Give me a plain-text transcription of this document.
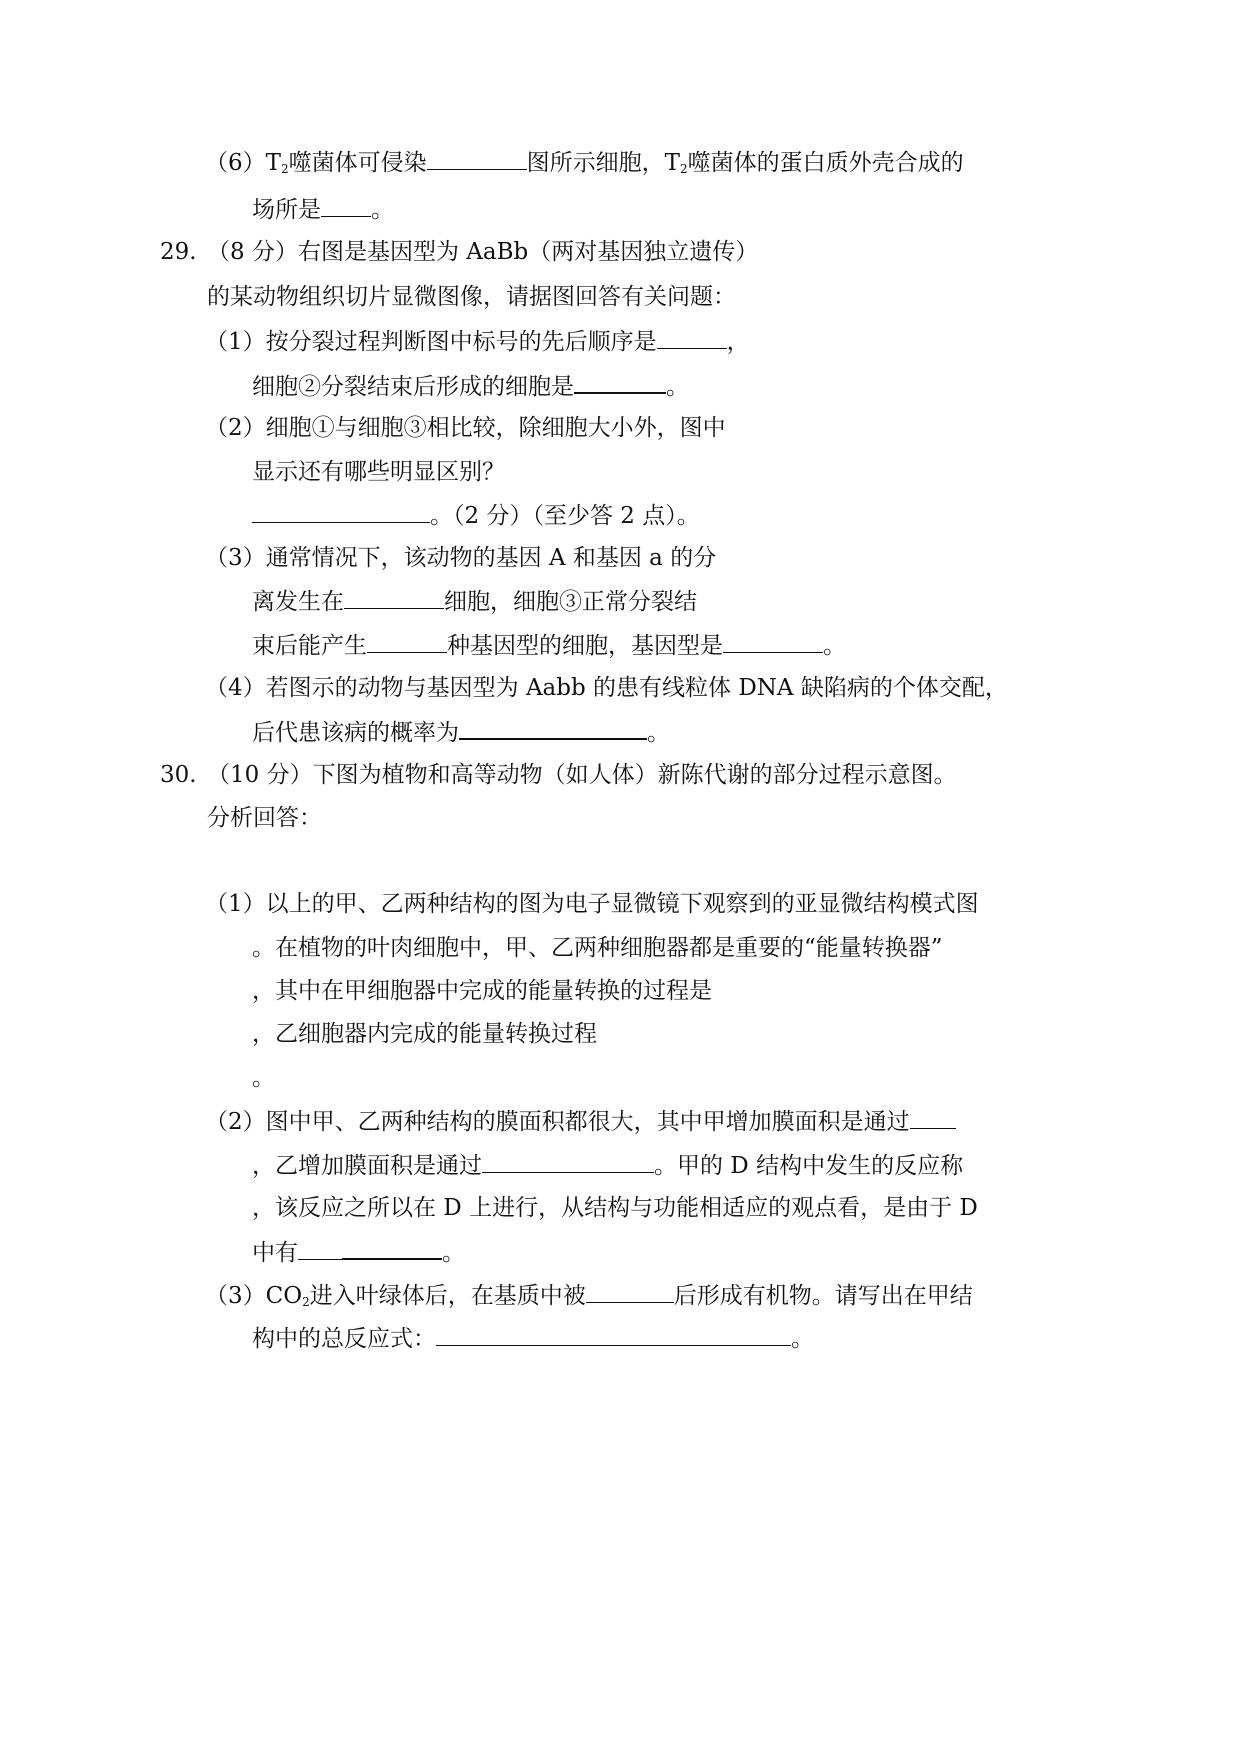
$(6)T_2$噬菌体可侵染	图所示细胞，$T_2$噬菌体的蛋白质外壳合成的
场所是 。
29. （8 分）右图是基因型为 AaBb（两对基因独立遗传）
的某动物组织切片显微图像，请据图回答有关问题：
（1）按分裂过程判断图中标号的先后顺序是	，
细胞②分裂结束后形成的细胞是	。
（2）细胞①与细胞③相比较，除细胞大小外，图中
显示还有哪些明显区别？
。（2 分）（至少答 2 点）。
（3）通常情况下，该动物的基因 A 和基因 a 的分
离发生在	细胞，细胞③正常分裂结
束后能产生	种基因型的细胞，基因型是	。
（4）若图示的动物与基因型为 Aabb 的患有线粒体 DNA 缺陷病的个体交配，
后代患该病的概率为	。
30. （10 分）下图为植物和高等动物（如人体）新陈代谢的部分过程示意图。
分析回答：
（1）以上的甲、乙两种结构的图为电子显微镜下观察到的亚显微结构模式图
。在植物的叶肉细胞中，甲、乙两种细胞器都是重要的“能量转换器”
，其中在甲细胞器中完成的能量转换的过程是
，乙细胞器内完成的能量转换过程
。
（2）图中甲、乙两种结构的膜面积都很大，其中甲增加膜面积是通过
，乙增加膜面积是通过	。甲的 D 结构中发生的反应称
，该反应之所以在 D 上进行，从结构与功能相适应的观点看，是由于 D
中有	。
$(3)CO_2$进入叶绿体后，在基质中被	后形成有机物。请写出在甲结
构中的总反应式：	。
